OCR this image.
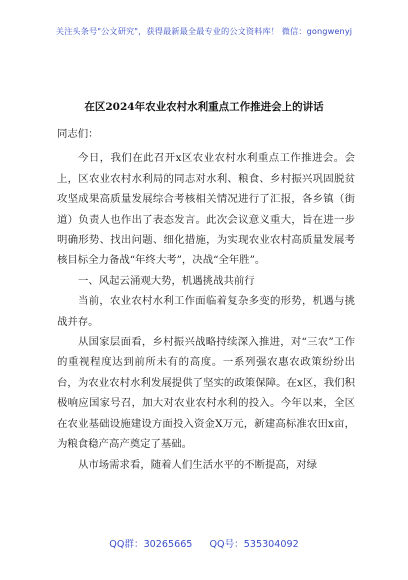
关注头条号"公文研究"，获得最新最全最专业的公文资料库！ 微信：gongwenyj
在区2024年农业农村水利重点工作推进会上的讲话

同志们：

今日，我们在此召开x区农业农村水利重点工作推进会。会上，区农业农村水利局的同志对水利、粮食、乡村振兴巩固脱贫攻坚成果高质量发展综合考核相关情况进行了汇报，各乡镇（街道）负责人也作出了表态发言。此次会议意义重大，旨在进一步明确形势、找出问题、细化措施，为实现农业农村高质量发展考核目标全力备战“年终大考”，决战“全年胜”。

一、风起云涌观大势，机遇挑战共前行

当前，农业农村水利工作面临着复杂多变的形势，机遇与挑战并存。

从国家层面看，乡村振兴战略持续深入推进，对“三农”工作的重视程度达到前所未有的高度。一系列强农惠农政策纷纷出台，为农业农村水利发展提供了坚实的政策保障。在x区，我们积极响应国家号召，加大对农业农村水利的投入。今年以来，全区在农业基础设施建设方面投入资金X万元，新建高标准农田x亩，为粮食稳产高产奠定了基础。

从市场需求看，随着人们生活水平的不断提高，对绿

QQ群：30265665 QQ号：535304092
